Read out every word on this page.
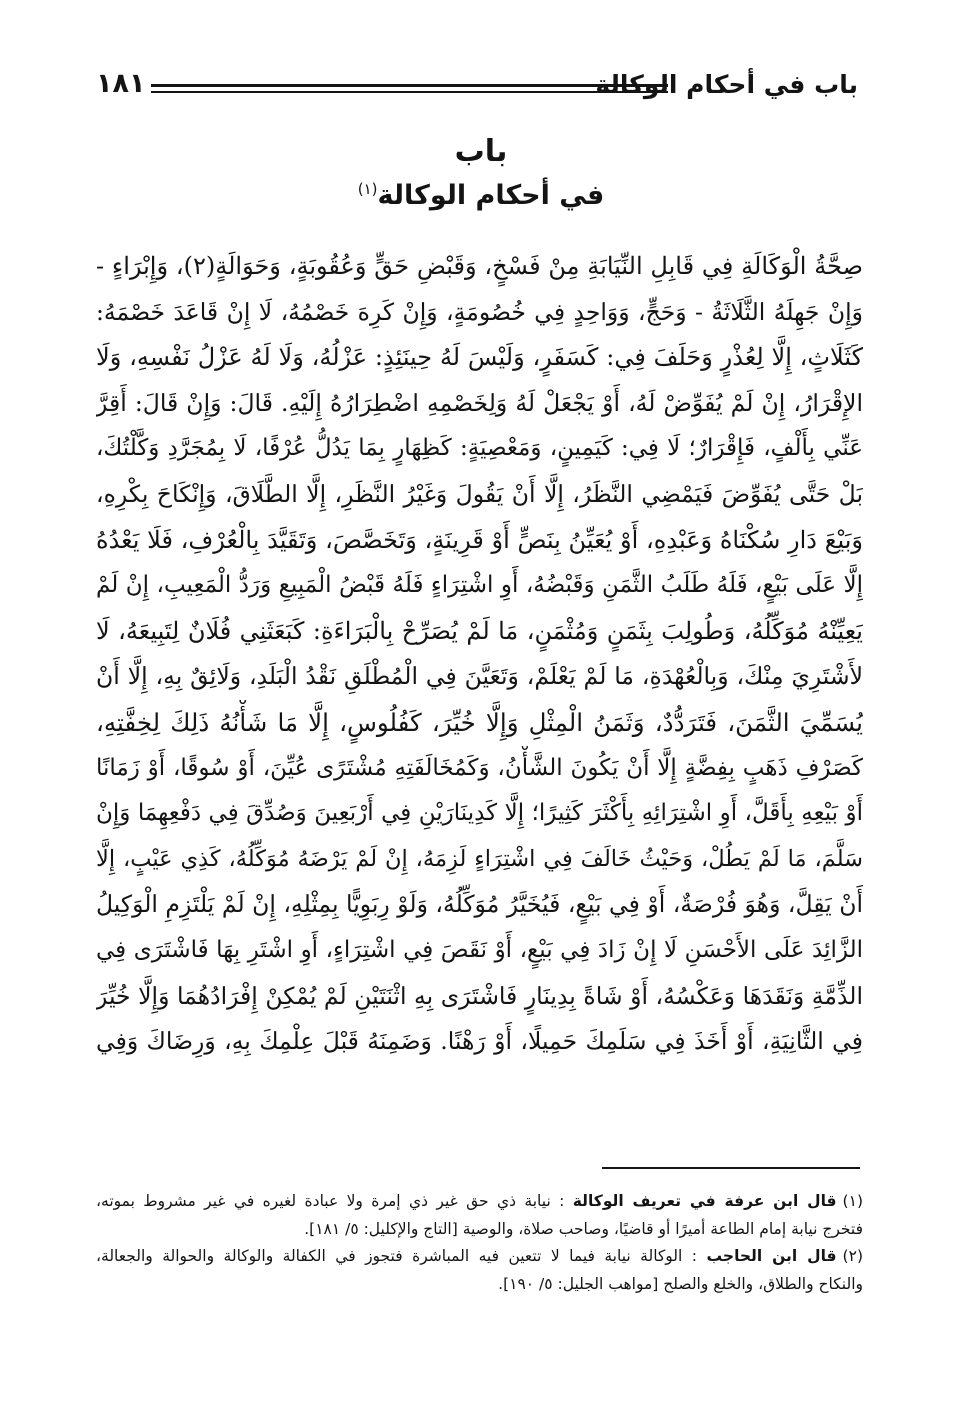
باب في أحكام الوكالة
١٨١
باب
في أحكام الوكالة$^{(١)}$
صِحَّةُ الْوَكَالَةِ فِي قَابِلِ النِّيَابَةِ مِنْ فَسْخٍ، وَقَبْضِ حَقٍّ وَعُقُوبَةٍ، وَحَوَالَةٍ(٢)، وَإِبْرَاءٍ -
وَإِنْ جَهِلَهُ الثَّلَاثَةُ - وَحَجٍّ، وَوَاحِدٍ فِي خُصُومَةٍ، وَإِنْ كَرِهَ خَصْمُهُ، لَا إِنْ قَاعَدَ خَصْمَهُ:
كَثَلَاثٍ، إِلَّا لِعُذْرٍ وَحَلَفَ فِي: كَسَفَرٍ، وَلَيْسَ لَهُ حِينَئِذٍ: عَزْلُهُ، وَلَا لَهُ عَزْلُ نَفْسِهِ، وَلَا
الإِقْرَارُ، إِنْ لَمْ يُفَوِّضْ لَهُ، أَوْ يَجْعَلْ لَهُ وَلِخَصْمِهِ اضْطِرَارُهُ إِلَيْهِ. قَالَ: وَإِنْ قَالَ: أَقِرَّ
عَنِّي بِأَلْفٍ، فَإِقْرَارٌ؛ لَا فِي: كَيَمِينٍ، وَمَعْصِيَةٍ: كَظِهَارٍ بِمَا يَدُلُّ عُرْفًا، لَا بِمُجَرَّدِ وَكَّلْتُكَ،
بَلْ حَتَّى يُفَوِّضَ فَيَمْضِي النَّظَرُ، إِلَّا أَنْ يَقُولَ وَغَيْرُ النَّظَرِ، إِلَّا الطَّلَاقَ، وَإِنْكَاحَ بِكْرِهِ،
وَبَيْعَ دَارِ سُكْنَاهُ وَعَبْدِهِ، أَوْ يُعَيِّنُ بِنَصٍّ أَوْ قَرِينَةٍ، وَتَخَصَّصَ، وَتَقَيَّدَ بِالْعُرْفِ، فَلَا يَعْدُهُ
إِلَّا عَلَى بَيْعٍ، فَلَهُ طَلَبُ الثَّمَنِ وَقَبْضُهُ، أَوِ اشْتِرَاءٍ فَلَهُ قَبْضُ الْمَبِيعِ وَرَدُّ الْمَعِيبِ، إِنْ لَمْ
يَعِيِّنْهُ مُوَكِّلُهُ، وَطُولِبَ بِثَمَنٍ وَمُثْمَنٍ، مَا لَمْ يُصَرِّحْ بِالْبَرَاءَةِ: كَبَعَثَنِي فُلَانٌ لِتَبِيعَهُ، لَا
لأَشْتَرِيَ مِنْكَ، وَبِالْعُهْدَةِ، مَا لَمْ يَعْلَمْ، وَتَعَيَّنَ فِي الْمُطْلَقِ نَقْدُ الْبَلَدِ، وَلَائِقٌ بِهِ، إِلَّا أَنْ
يُسَمِّيَ الثَّمَنَ، فَتَرَدُّدٌ، وَثَمَنُ الْمِثْلِ وَإِلَّا خُيِّرَ، كَفُلُوسٍ، إِلَّا مَا شَأْنُهُ ذَلِكَ لِخِفَّتِهِ،
كَصَرْفِ ذَهَبٍ بِفِضَّةٍ إِلَّا أَنْ يَكُونَ الشَّأْنُ، وَكَمُخَالَفَتِهِ مُشْتَرًى عُيِّنَ، أَوْ سُوقًا، أَوْ زَمَانًا
أَوْ بَيْعِهِ بِأَقَلَّ، أَوِ اشْتِرَائِهِ بِأَكْثَرَ كَثِيرًا؛ إِلَّا كَدِينَارَيْنِ فِي أَرْبَعِينَ وَصُدِّقَ فِي دَفْعِهِمَا وَإِنْ
سَلَّمَ، مَا لَمْ يَطُلْ، وَحَيْثُ خَالَفَ فِي اشْتِرَاءٍ لَزِمَهُ، إِنْ لَمْ يَرْضَهُ مُوَكِّلُهُ، كَذِي عَيْبٍ، إِلَّا
أَنْ يَقِلَّ، وَهُوَ فُرْصَةٌ، أَوْ فِي بَيْعٍ، فَيُخَيَّرُ مُوَكِّلُهُ، وَلَوْ رِبَوِيًّا بِمِثْلِهِ، إِنْ لَمْ يَلْتَزِمِ الْوَكِيلُ
الزَّائِدَ عَلَى الأَحْسَنِ لَا إِنْ زَادَ فِي بَيْعٍ، أَوْ نَقَصَ فِي اشْتِرَاءٍ، أَوِ اشْتَرِ بِهَا فَاشْتَرَى فِي
الذِّمَّةِ وَنَقَدَهَا وَعَكْسُهُ، أَوْ شَاةً بِدِينَارٍ فَاشْتَرَى بِهِ اثْنَتَيْنِ لَمْ يُمْكِنْ إِفْرَادُهُمَا وَإِلَّا خُيِّرَ
فِي الثَّانِيَةِ، أَوْ أَخَذَ فِي سَلَمِكَ حَمِيلًا، أَوْ رَهْنًا. وَضَمِنَهُ قَبْلَ عِلْمِكَ بِهِ، وَرِضَاكَ وَفِي
(١)قال ابن عرفة في تعريف الوكالة : نيابة ذي حق غير ذي إمرة ولا عبادة لغيره في غير مشروط بموته،
فتخرج نيابة إمام الطاعة أميرًا أو قاضيًا، وصاحب صلاة، والوصية [التاج والإكليل: ٥/ ١٨١].
(٢)قال ابن الحاجب : الوكالة نيابة فيما لا تتعين فيه المباشرة فتجوز في الكفالة والوكالة والحوالة والجعالة،
والنكاح والطلاق، والخلع والصلح [مواهب الجليل: ٥/ ١٩٠].
